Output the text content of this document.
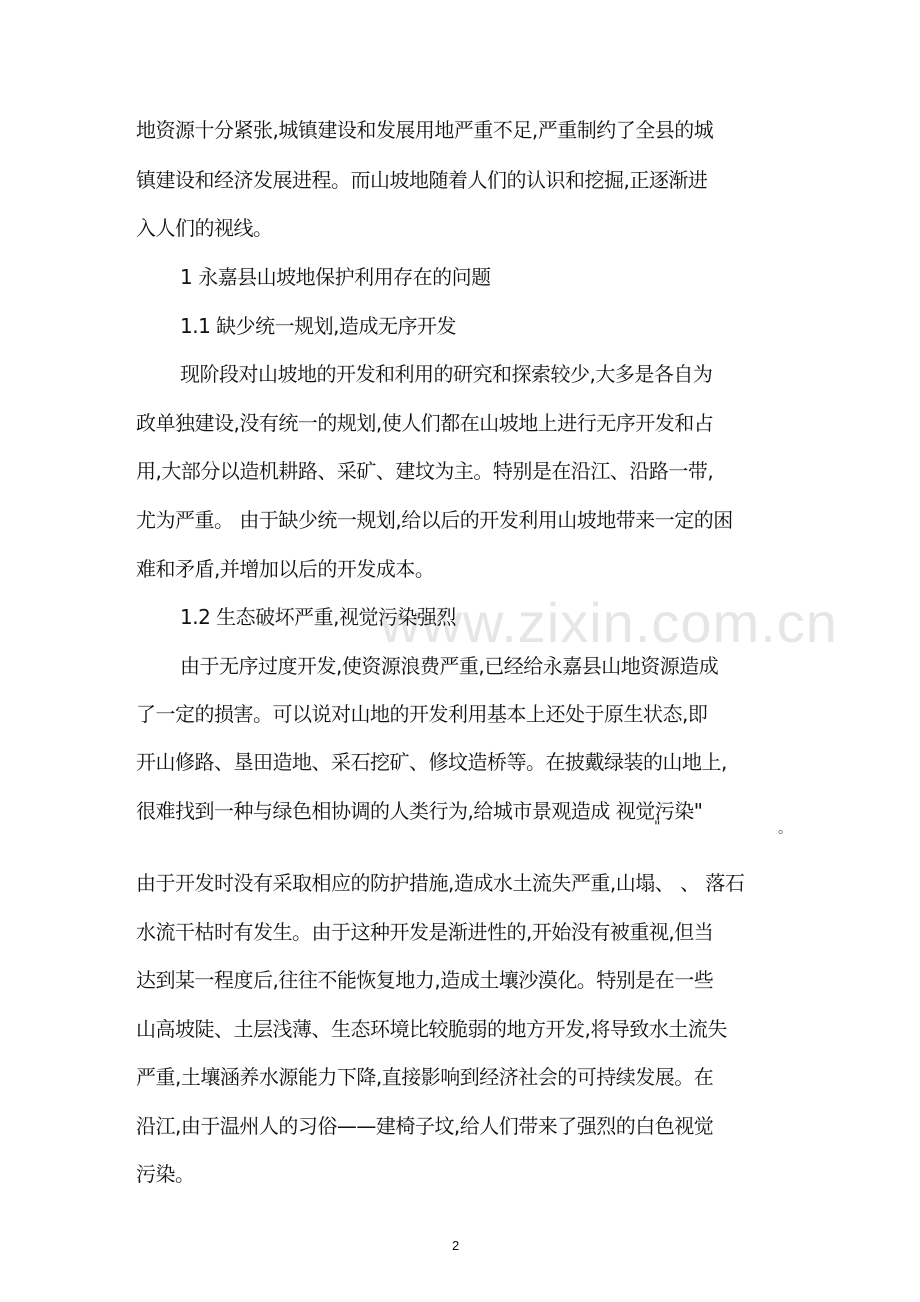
www.zixin.com.cn
地资源十分紧张,城镇建设和发展用地严重不足,严重制约了全县的城
镇建设和经济发展进程。而山坡地随着人们的认识和挖掘,正逐渐进
入人们的视线。
1 永嘉县山坡地保护利用存在的问题
1.1 缺少统一规划,造成无序开发
现阶段对山坡地的开发和利用的研究和探索较少,大多是各自为
政单独建设,没有统一的规划,使人们都在山坡地上进行无序开发和占
用,大部分以造机耕路、采矿、建坟为主。特别是在沿江、沿路一带,
尤为严重。 由于缺少统一规划,给以后的开发利用山坡地带来一定的困
难和矛盾,并增加以后的开发成本。
1.2 生态破坏严重,视觉污染强烈
由于无序过度开发,使资源浪费严重,已经给永嘉县山地资源造成
了一定的损害。可以说对山地的开发利用基本上还处于原生状态,即
开山修路、垦田造地、采石挖矿、修坟造桥等。在披戴绿装的山地上,
很难找到一种与绿色相协调的人类行为,给城市景观造成 视觉污染"
"	。
由于开发时没有采取相应的防护措施,造成水土流失严重,山塌、 、 落石
水流干枯时有发生。由于这种开发是渐进性的,开始没有被重视,但当
达到某一程度后,往往不能恢复地力,造成土壤沙漠化。特别是在一些
山高坡陡、土层浅薄、生态环境比较脆弱的地方开发,将导致水土流失
严重,土壤涵养水源能力下降,直接影响到经济社会的可持续发展。在
沿江,由于温州人的习俗——建椅子坟,给人们带来了强烈的白色视觉
污染。
2
